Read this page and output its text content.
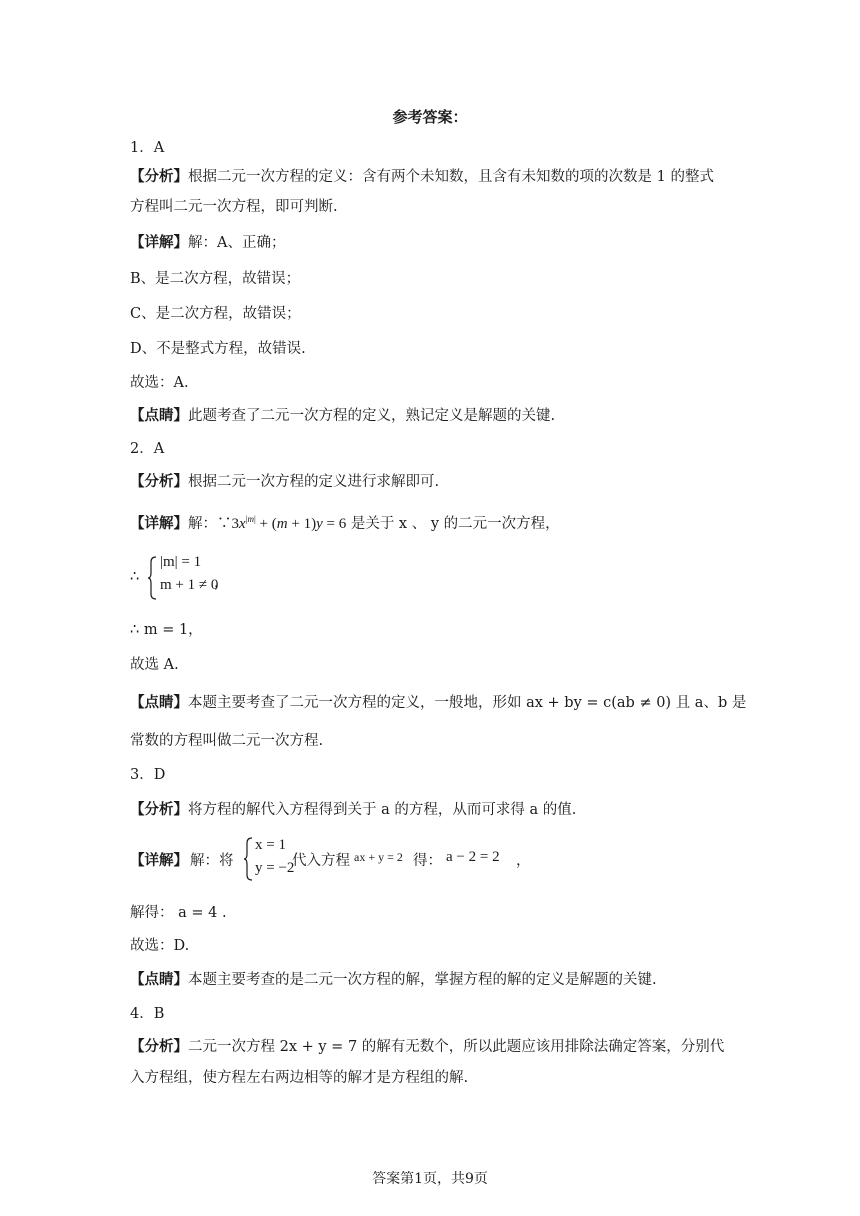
参考答案：
1．A
【分析】根据二元一次方程的定义：含有两个未知数，且含有未知数的项的次数是 1 的整式
方程叫二元一次方程，即可判断.
【详解】解：A、正确；
B、是二次方程，故错误；
C、是二次方程，故错误；
D、不是整式方程，故错误.
故选：A.
【点睛】此题考查了二元一次方程的定义，熟记定义是解题的关键.
2．A
【分析】根据二元一次方程的定义进行求解即可.
【详解】解：$\because 3x^{|m|} + (m + 1)y = 6$ 是关于 x 、 y 的二元一次方程，
∴
|m| = 1
m + 1 ≠ 0
，
∴ m = 1，
故选 A.
【点睛】本题主要考查了二元一次方程的定义，一般地，形如 ax + by = c(ab ≠ 0) 且 a、b 是
常数的方程叫做二元一次方程.
3．D
【分析】将方程的解代入方程得到关于 a 的方程，从而可求得 a 的值.
【详解】 解：将
x = 1
y = −2
代入方程 ax + y = 2 得： a − 2 = 2 ，
解得： a = 4 .
故选：D.
【点睛】本题主要考查的是二元一次方程的解，掌握方程的解的定义是解题的关键.
4．B
【分析】二元一次方程 2x + y = 7 的解有无数个，所以此题应该用排除法确定答案，分别代
入方程组，使方程左右两边相等的解才是方程组的解.
答案第1页，共9页
